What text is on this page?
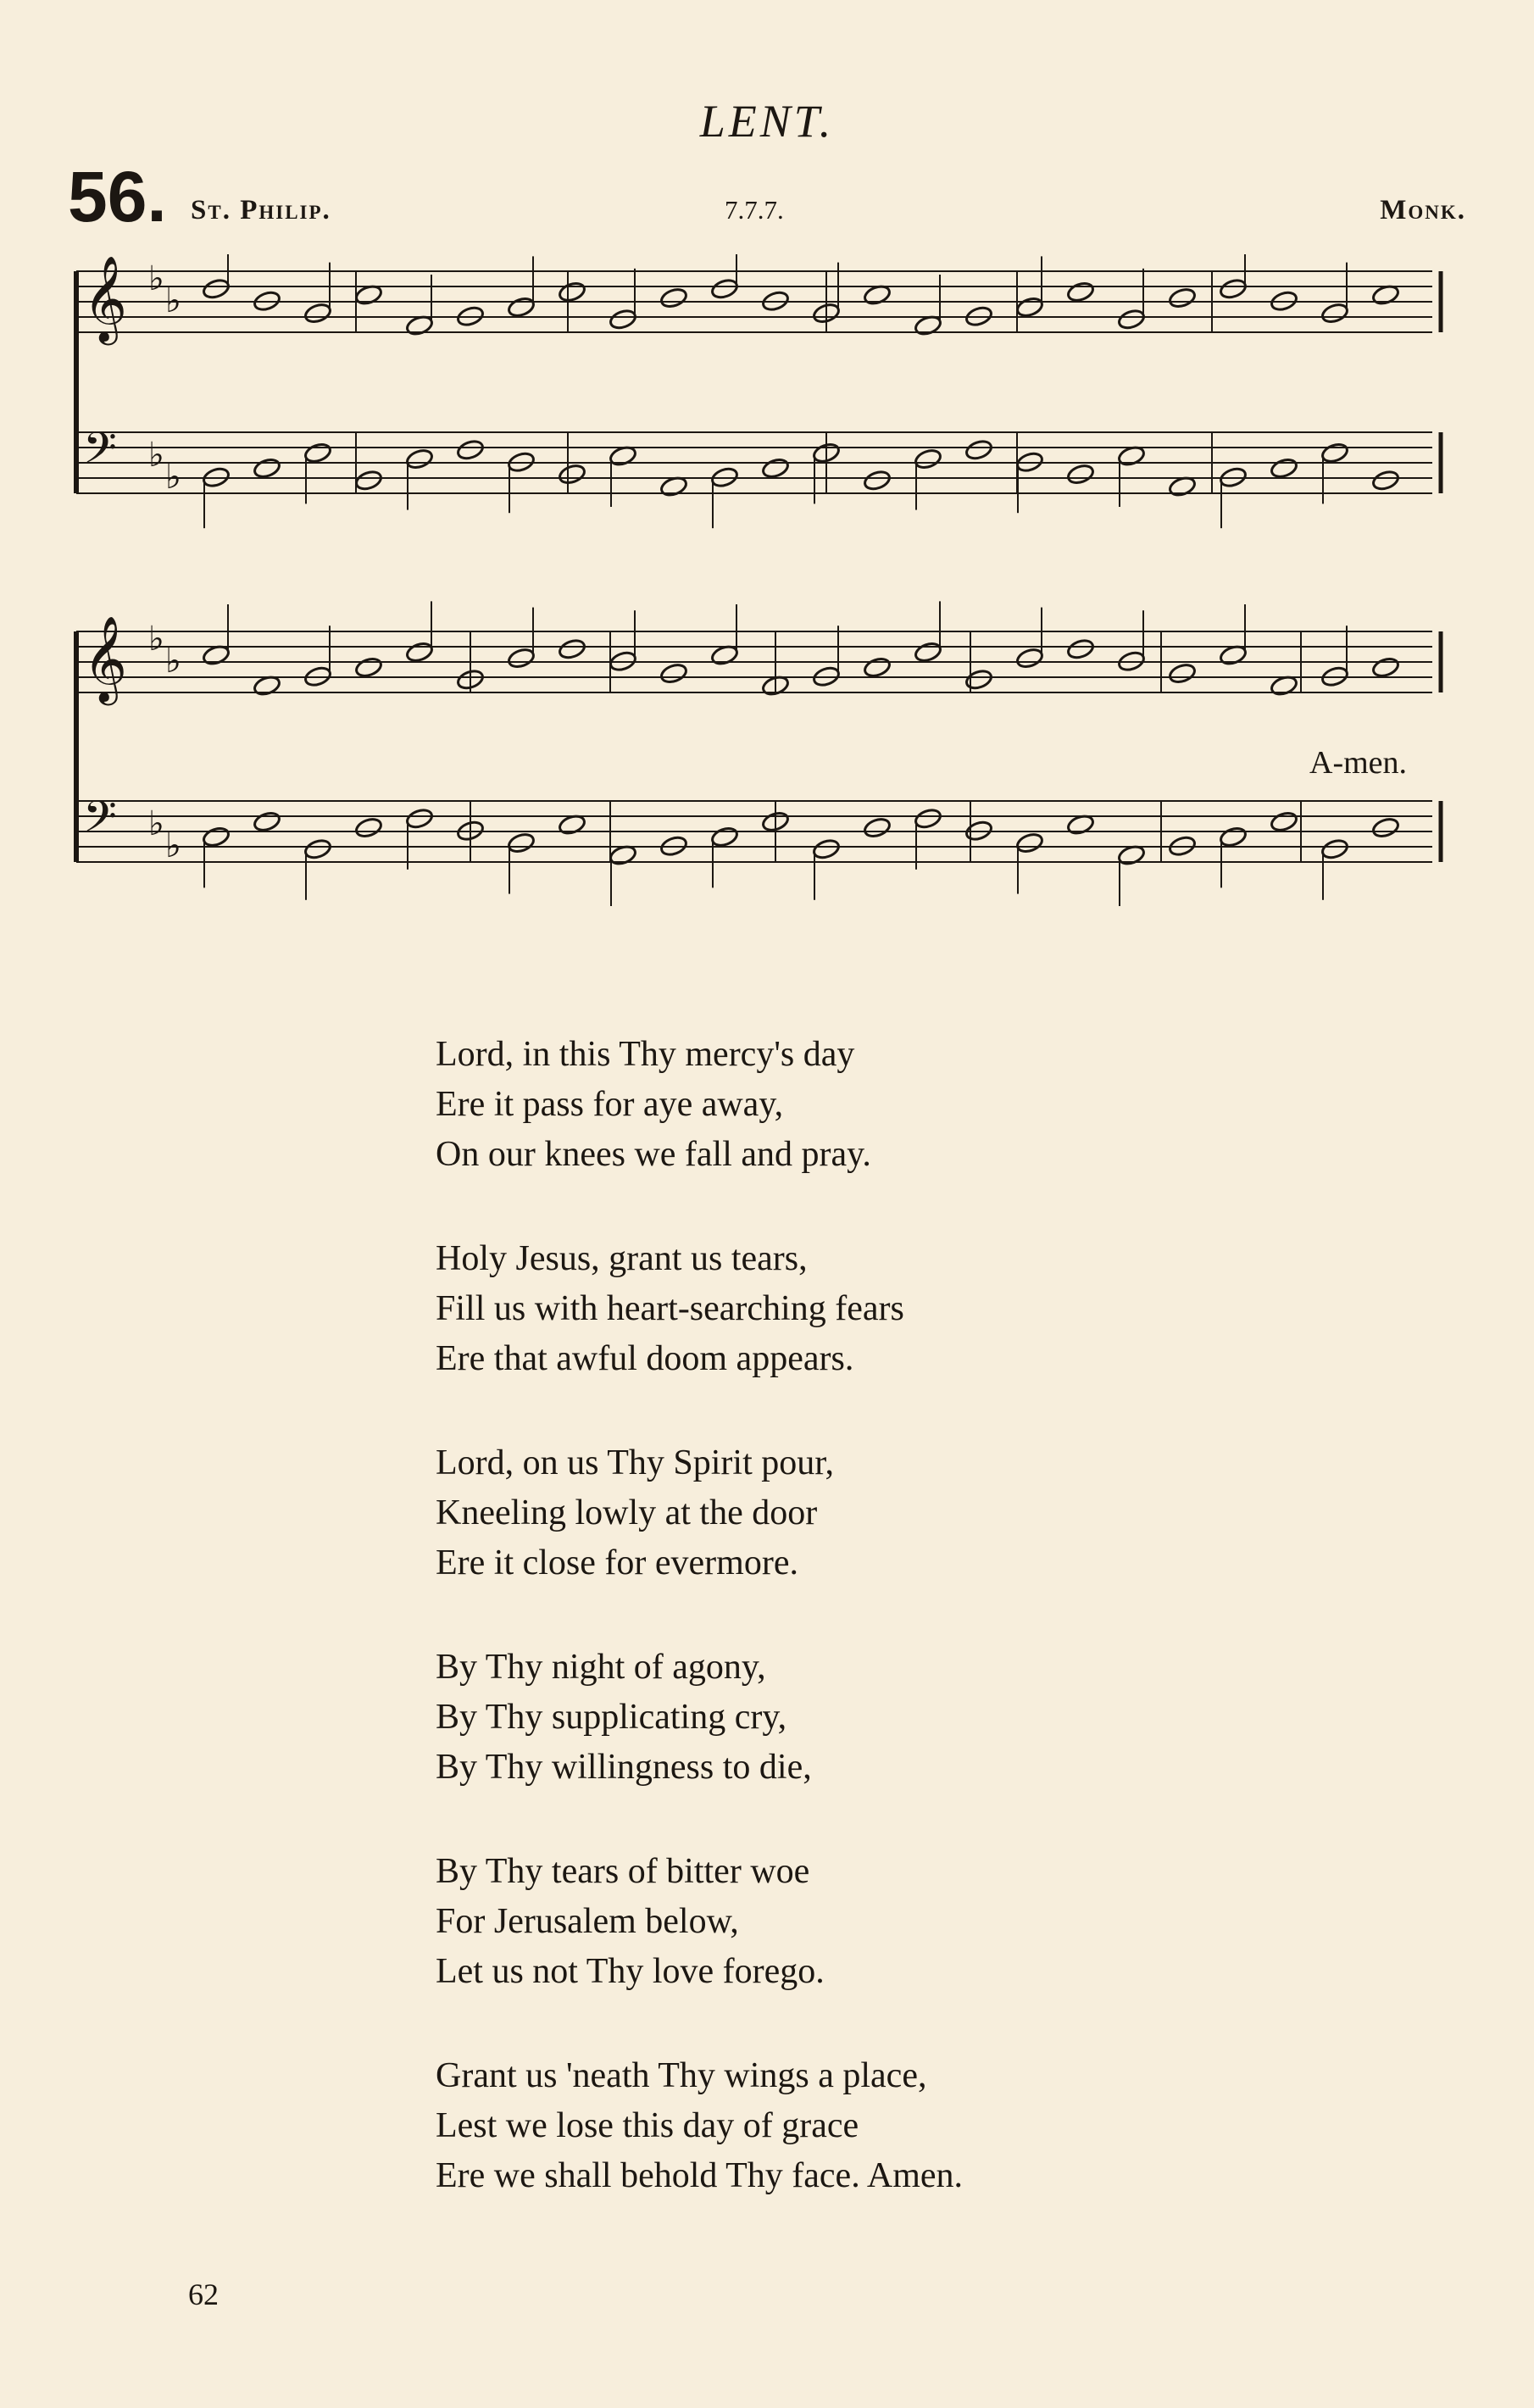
LENT.
56. St. Philip.	7.7.7.	Monk.
𝄞 ♭
♭
𝄢 ♭
♭
𝄞 ♭
♭
𝄢 ♭
♭
A-men.
Lord, in this Thy mercy's day
Ere it pass for aye away,
On our knees we fall and pray.
Holy Jesus, grant us tears,
Fill us with heart-searching fears
Ere that awful doom appears.
Lord, on us Thy Spirit pour,
Kneeling lowly at the door
Ere it close for evermore.
By Thy night of agony,
By Thy supplicating cry,
By Thy willingness to die,
By Thy tears of bitter woe
For Jerusalem below,
Let us not Thy love forego.
Grant us 'neath Thy wings a place,
Lest we lose this day of grace
Ere we shall behold Thy face. Amen.
62
